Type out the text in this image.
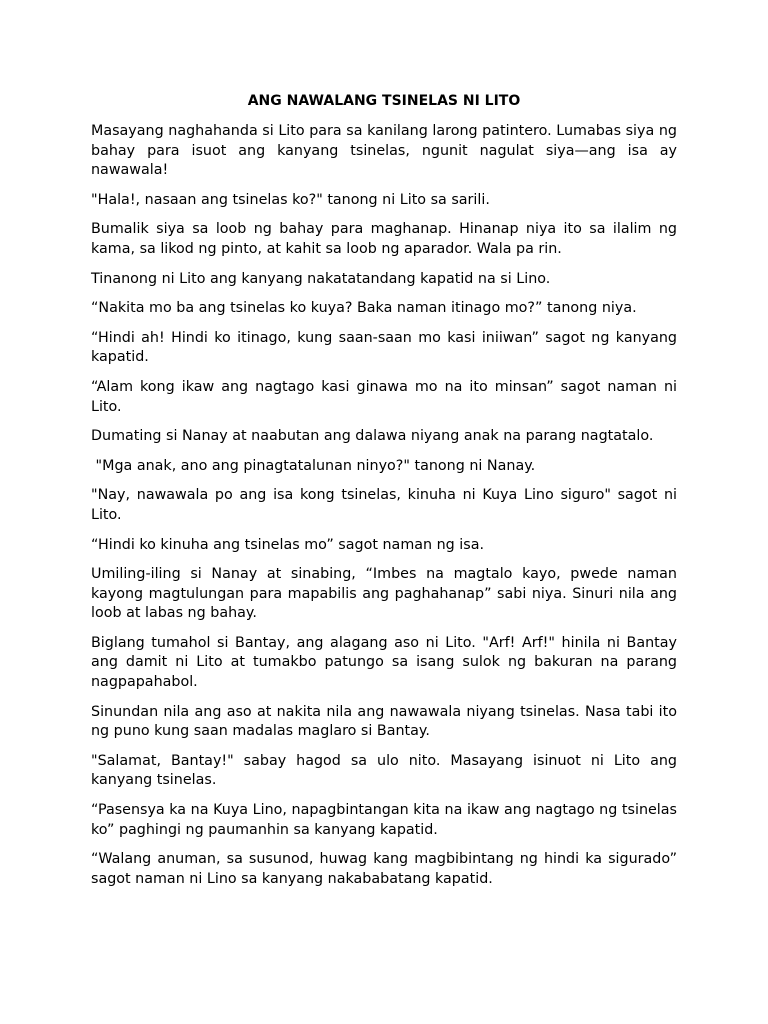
ANG NAWALANG TSINELAS NI LITO

Masayang naghahanda si Lito para sa kanilang larong patintero. Lumabas siya ng bahay para isuot ang kanyang tsinelas, ngunit nagulat siya—ang isa ay nawawala!

"Hala!, nasaan ang tsinelas ko?" tanong ni Lito sa sarili.

Bumalik siya sa loob ng bahay para maghanap. Hinanap niya ito sa ilalim ng kama, sa likod ng pinto, at kahit sa loob ng aparador. Wala pa rin.

Tinanong ni Lito ang kanyang nakatatandang kapatid na si Lino.

“Nakita mo ba ang tsinelas ko kuya? Baka naman itinago mo?” tanong niya.

“Hindi ah! Hindi ko itinago, kung saan-saan mo kasi iniiwan” sagot ng kanyang kapatid.

“Alam kong ikaw ang nagtago kasi ginawa mo na ito minsan” sagot naman ni Lito.

Dumating si Nanay at naabutan ang dalawa niyang anak na parang nagtatalo.

"Mga anak, ano ang pinagtatalunan ninyo?" tanong ni Nanay.

"Nay, nawawala po ang isa kong tsinelas, kinuha ni Kuya Lino siguro" sagot ni Lito.

“Hindi ko kinuha ang tsinelas mo” sagot naman ng isa.

Umiling-iling si Nanay at sinabing, “Imbes na magtalo kayo, pwede naman kayong magtulungan para mapabilis ang paghahanap” sabi niya. Sinuri nila ang loob at labas ng bahay.

Biglang tumahol si Bantay, ang alagang aso ni Lito. "Arf! Arf!" hinila ni Bantay ang damit ni Lito at tumakbo patungo sa isang sulok ng bakuran na parang nagpapahabol.

Sinundan nila ang aso at nakita nila ang nawawala niyang tsinelas. Nasa tabi ito ng puno kung saan madalas maglaro si Bantay.

"Salamat, Bantay!" sabay hagod sa ulo nito. Masayang isinuot ni Lito ang kanyang tsinelas.

“Pasensya ka na Kuya Lino, napagbintangan kita na ikaw ang nagtago ng tsinelas ko” paghingi ng paumanhin sa kanyang kapatid.

“Walang anuman, sa susunod, huwag kang magbibintang ng hindi ka sigurado” sagot naman ni Lino sa kanyang nakababatang kapatid.
